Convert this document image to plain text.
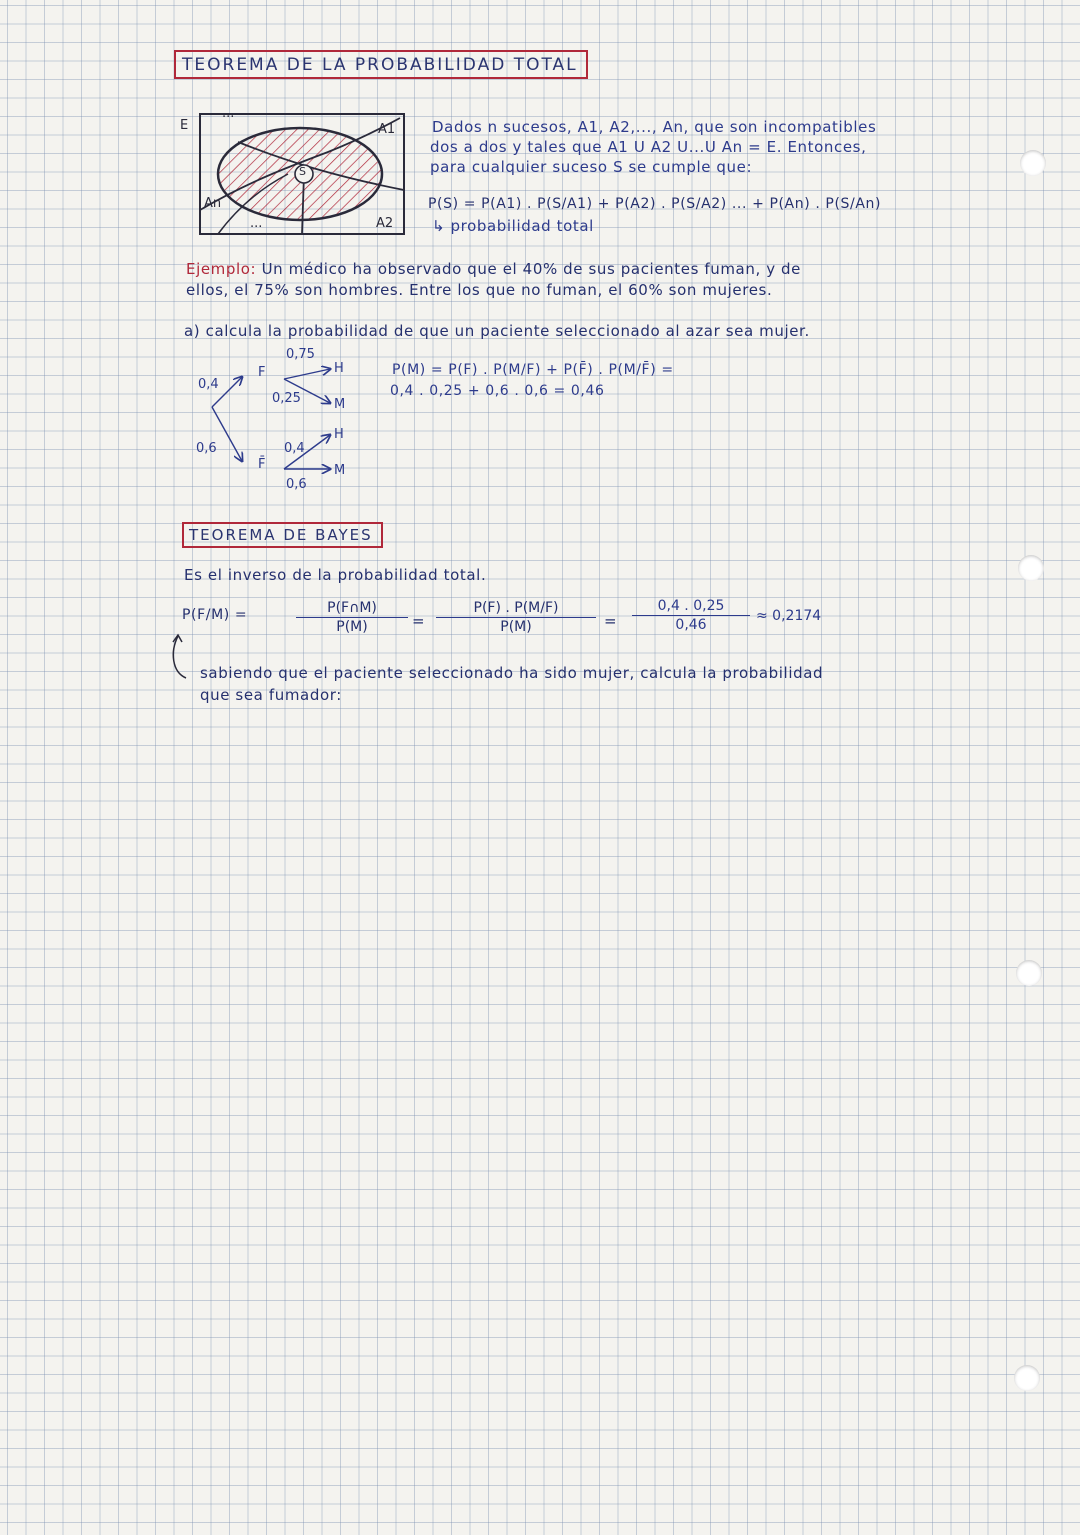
TEOREMA DE LA PROBABILIDAD TOTAL
E	A1
A2
An
S
...
...
Dados n sucesos, A1, A2,..., An, que son incompatibles
dos a dos y tales que A1 U A2 U...U An = E. Entonces,
para cualquier suceso S se cumple que:
P(S) = P(A1) . P(S/A1) + P(A2) . P(S/A2) ... + P(An) . P(S/An)
↳ probabilidad total
Ejemplo: Un médico ha observado que el 40% de sus pacientes fuman, y de
ellos, el 75% son hombres. Entre los que no fuman, el 60% son mujeres.
a) calcula la probabilidad de que un paciente seleccionado al azar sea mujer.
0,4
0,6
F
F̄
0,75
0,25
0,4
0,6
H
M
H
M
P(M) = P(F) . P(M/F) + P(F̄) . P(M/F̄) =
0,4 . 0,25 + 0,6 . 0,6 = 0,46
TEOREMA DE BAYES
Es el inverso de la probabilidad total.
P(F/M) =	P(F∩M)
P(M)	=
P(F) . P(M/F)
P(M)	=
0,4 . 0,25
0,46
≈ 0,2174
sabiendo que el paciente seleccionado ha sido mujer, calcula la probabilidad
que sea fumador:
